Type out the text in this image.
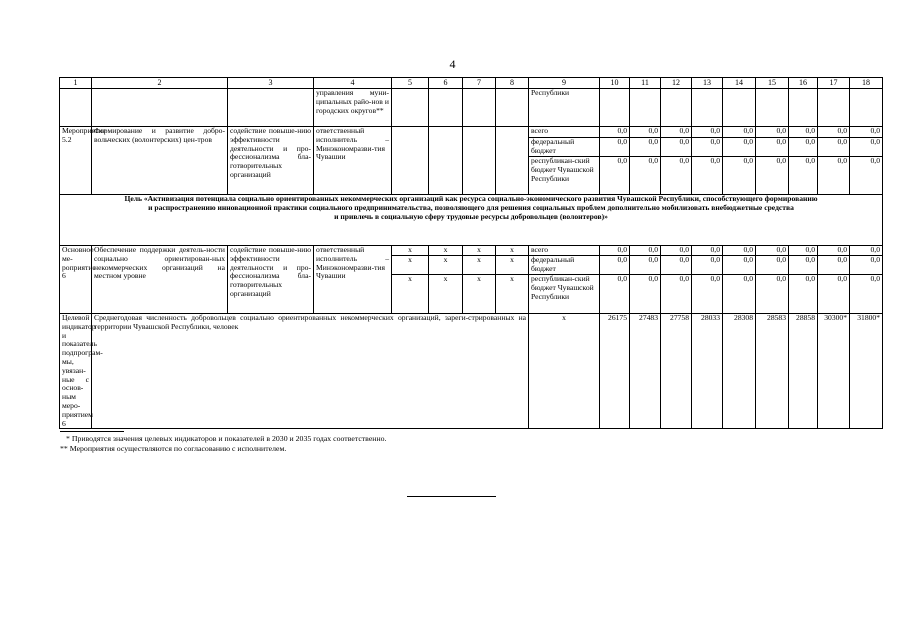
4
1	2	3	4	5	6	7	8	9	10	11	12	13	14	15	16	17	18
			управления муни-ципальных райо-нов и городских округов**					Республики									
Мероприятие 5.2	Формирование и развитие добро-вольческих (волонтерских) цен-тров	содействие повыше-нию эффективности деятельности и про-фессионализма бла-готворительных организаций	ответственный исполнитель – Минэкономразви-тия Чувашии					всего	0,0	0,0	0,0	0,0	0,0	0,0	0,0	0,0	0,0
								федеральный бюджет	0,0	0,0	0,0	0,0	0,0	0,0	0,0	0,0	0,0
								республикан-ский бюджет Чувашской Республики	0,0	0,0	0,0	0,0	0,0	0,0	0,0	0,0	0,0

Цель «Активизация потенциала социально ориентированных некоммерческих организаций как ресурса социально-экономического развития Чувашской Республики, способствующего формированию
и распространению инновационной практики социального предпринимательства, позволяющего для решения социальных проблем дополнительно мобилизовать внебюджетные средства
и привлечь в социальную сферу трудовые ресурсы добровольцев (волонтеров)»																	

Основное ме-роприятие 6	Обеспечение поддержки деятель-ности социально ориентирован-ных некоммерческих организаций на местном уровне	содействие повыше-нию эффективности деятельности и про-фессионализма бла-готворительных организаций	ответственный исполнитель – Минэкономразви-тия Чувашии	x	x	x	x	всего	0,0	0,0	0,0	0,0	0,0	0,0	0,0	0,0	0,0
				x	x	x	x	федеральный бюджет	0,0	0,0	0,0	0,0	0,0	0,0	0,0	0,0	0,0
				x	x	x	x	республикан-ский бюджет Чувашской Республики	0,0	0,0	0,0	0,0	0,0	0,0	0,0	0,0	0,0
Целевой индикатор и показатель подпрограм-мы, увязан-ные с основ-ным меро-приятием 6	Среднегодовая численность добровольцев социально ориентированных некоммерческих организаций, зареги-стрированных на территории Чувашской Республики, человек							x	26175	27483	27758	28033	28308	28583	28858	30300*	31800*
* Приводятся значения целевых индикаторов и показателей в 2030 и 2035 годах соответственно.
** Мероприятия осуществляются по согласованию с исполнителем.
